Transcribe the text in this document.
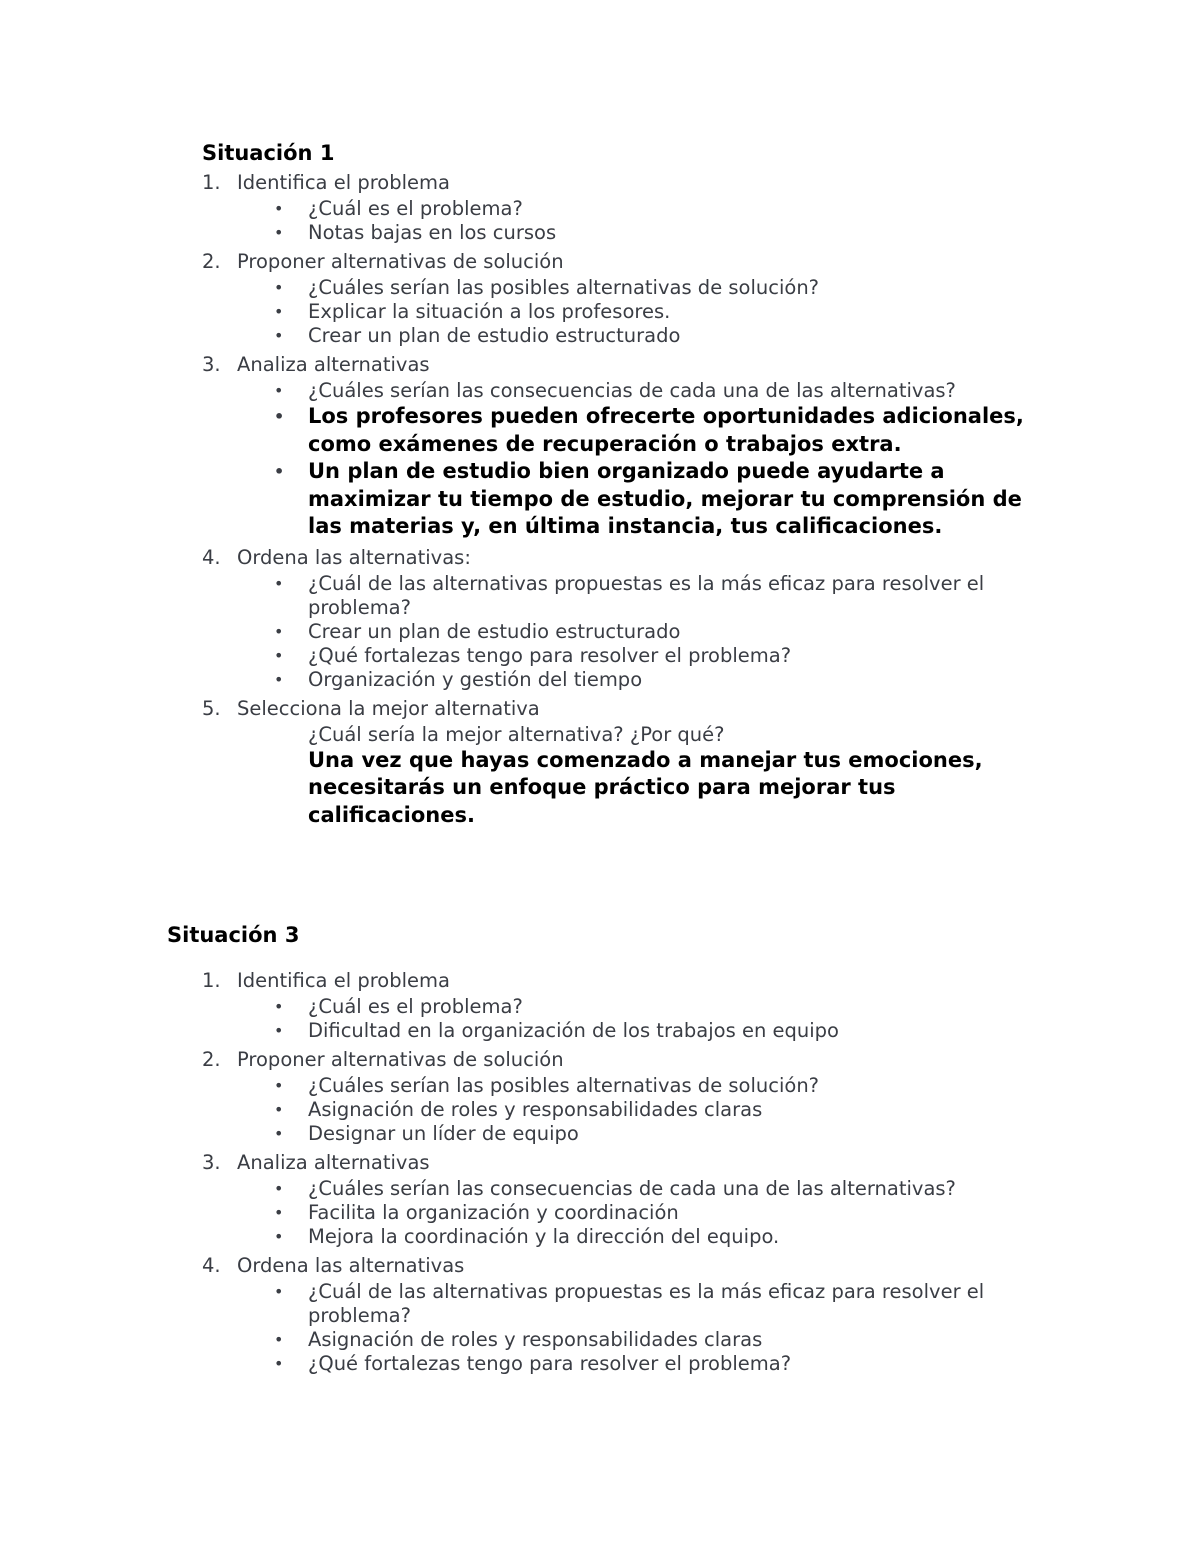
Situación 1
1. Identifica el problema
• ¿Cuál es el problema?
• Notas bajas en los cursos
2. Proponer alternativas de solución
• ¿Cuáles serían las posibles alternativas de solución?
• Explicar la situación a los profesores.
• Crear un plan de estudio estructurado
3. Analiza alternativas
• ¿Cuáles serían las consecuencias de cada una de las alternativas?
• Los profesores pueden ofrecerte oportunidades adicionales, como exámenes de recuperación o trabajos extra.
• Un plan de estudio bien organizado puede ayudarte a maximizar tu tiempo de estudio, mejorar tu comprensión de las materias y, en última instancia, tus calificaciones.
4. Ordena las alternativas:
• ¿Cuál de las alternativas propuestas es la más eficaz para resolver el problema?
• Crear un plan de estudio estructurado
• ¿Qué fortalezas tengo para resolver el problema?
• Organización y gestión del tiempo
5. Selecciona la mejor alternativa
¿Cuál sería la mejor alternativa? ¿Por qué?
Una vez que hayas comenzado a manejar tus emociones, necesitarás un enfoque práctico para mejorar tus calificaciones.
Situación 3
1. Identifica el problema
• ¿Cuál es el problema?
• Dificultad en la organización de los trabajos en equipo
2. Proponer alternativas de solución
• ¿Cuáles serían las posibles alternativas de solución?
• Asignación de roles y responsabilidades claras
• Designar un líder de equipo
3. Analiza alternativas
• ¿Cuáles serían las consecuencias de cada una de las alternativas?
• Facilita la organización y coordinación
• Mejora la coordinación y la dirección del equipo.
4. Ordena las alternativas
• ¿Cuál de las alternativas propuestas es la más eficaz para resolver el problema?
• Asignación de roles y responsabilidades claras
• ¿Qué fortalezas tengo para resolver el problema?
